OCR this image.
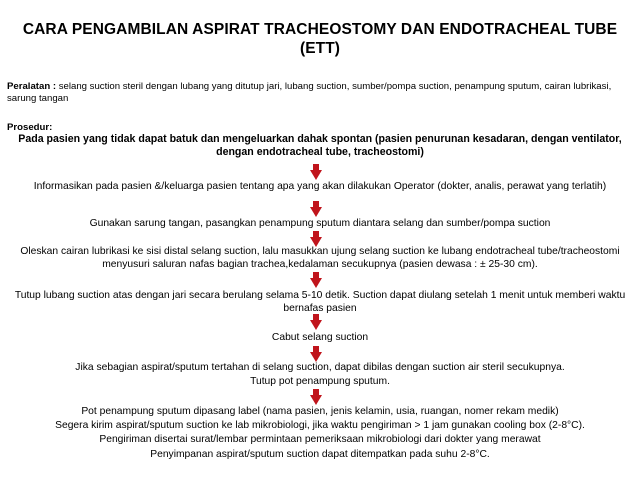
CARA PENGAMBILAN ASPIRAT TRACHEOSTOMY DAN ENDOTRACHEAL TUBE
(ETT)
Peralatan : selang suction steril dengan lubang yang ditutup jari, lubang suction, sumber/pompa suction, penampung sputum, cairan lubrikasi, sarung tangan
Prosedur:
Pada pasien yang tidak dapat batuk dan mengeluarkan dahak spontan (pasien penurunan kesadaran, dengan ventilator, dengan endotracheal tube, tracheostomi)
Informasikan pada pasien &/keluarga pasien tentang apa yang akan dilakukan Operator (dokter, analis, perawat yang terlatih)
Gunakan sarung tangan, pasangkan penampung sputum diantara selang dan sumber/pompa suction
Oleskan cairan lubrikasi ke sisi distal selang suction, lalu masukkan ujung selang suction ke lubang endotracheal tube/tracheostomi menyusuri saluran nafas bagian trachea,kedalaman secukupnya (pasien dewasa : ± 25-30 cm).
Tutup lubang suction atas dengan jari secara berulang selama 5-10 detik. Suction dapat diulang setelah 1 menit untuk memberi waktu bernafas pasien
Cabut selang suction
Jika sebagian aspirat/sputum tertahan di selang suction, dapat dibilas dengan suction air steril secukupnya.
Tutup pot penampung sputum.
Pot penampung sputum dipasang label (nama pasien, jenis kelamin, usia, ruangan, nomer rekam medik)
Segera kirim aspirat/sputum suction ke lab mikrobiologi, jika waktu pengiriman > 1 jam gunakan cooling box (2-8°C).
Pengiriman disertai surat/lembar permintaan pemeriksaan mikrobiologi dari dokter yang merawat
Penyimpanan aspirat/sputum suction dapat ditempatkan pada suhu 2-8°C.
